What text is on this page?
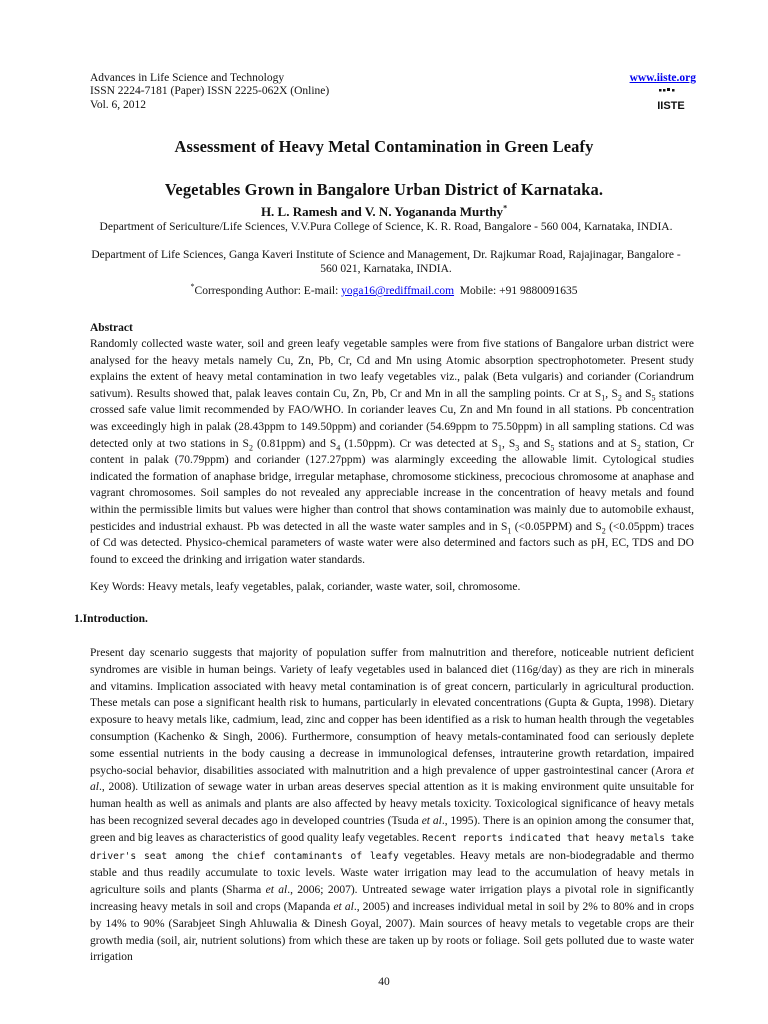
Advances in Life Science and Technology
ISSN 2224-7181 (Paper) ISSN 2225-062X (Online)
Vol. 6, 2012
www.iiste.org
IISTE
Assessment of Heavy Metal Contamination in Green Leafy
Vegetables Grown in Bangalore Urban District of Karnataka.
H. L. Ramesh and V. N. Yogananda Murthy*
Department of Sericulture/Life Sciences, V.V.Pura College of Science, K. R. Road, Bangalore - 560 004, Karnataka, INDIA.
Department of Life Sciences, Ganga Kaveri Institute of Science and Management, Dr. Rajkumar Road, Rajajinagar, Bangalore - 560 021, Karnataka, INDIA.
*Corresponding Author: E-mail: yoga16@rediffmail.com Mobile: +91 9880091635
Abstract

Randomly collected waste water, soil and green leafy vegetable samples were from five stations of Bangalore urban district were analysed for the heavy metals namely Cu, Zn, Pb, Cr, Cd and Mn using Atomic absorption spectrophotometer. Present study explains the extent of heavy metal contamination in two leafy vegetables viz., palak (Beta vulgaris) and coriander (Coriandrum sativum). Results showed that, palak leaves contain Cu, Zn, Pb, Cr and Mn in all the sampling points. Cr at $S_1$, $S_2$ and $S_5$ stations crossed safe value limit recommended by FAO/WHO. In coriander leaves Cu, Zn and Mn found in all stations. Pb concentration was exceedingly high in palak (28.43ppm to 149.50ppm) and coriander (54.69ppm to 75.50ppm) in all sampling stations. Cd was detected only at two stations in $S_2$ (0.81ppm) and $S_4$ (1.50ppm). Cr was detected at $S_1$, $S_3$ and $S_5$ stations and at $S_2$ station, Cr content in palak (70.79ppm) and coriander (127.27ppm) was alarmingly exceeding the allowable limit. Cytological studies indicated the formation of anaphase bridge, irregular metaphase, chromosome stickiness, precocious chromosome at anaphase and vagrant chromosomes. Soil samples do not revealed any appreciable increase in the concentration of heavy metals and found within the permissible limits but values were higher than control that shows contamination was mainly due to automobile exhaust, pesticides and industrial exhaust. Pb was detected in all the waste water samples and in $S_1$ (<0.05PPM) and $S_2$ (<0.05ppm) traces of Cd was detected. Physico-chemical parameters of waste water were also determined and factors such as pH, EC, TDS and DO found to exceed the drinking and irrigation water standards.

Key Words: Heavy metals, leafy vegetables, palak, coriander, waste water, soil, chromosome.
1.Introduction.

Present day scenario suggests that majority of population suffer from malnutrition and therefore, noticeable nutrient deficient syndromes are visible in human beings. Variety of leafy vegetables used in balanced diet (116g/day) as they are rich in minerals and vitamins. Implication associated with heavy metal contamination is of great concern, particularly in agricultural production. These metals can pose a significant health risk to humans, particularly in elevated concentrations (Gupta & Gupta, 1998). Dietary exposure to heavy metals like, cadmium, lead, zinc and copper has been identified as a risk to human health through the vegetables consumption (Kachenko & Singh, 2006). Furthermore, consumption of heavy metals-contaminated food can seriously deplete some essential nutrients in the body causing a decrease in immunological defenses, intrauterine growth retardation, impaired psycho-social behavior, disabilities associated with malnutrition and a high prevalence of upper gastrointestinal cancer (Arora et al., 2008). Utilization of sewage water in urban areas deserves special attention as it is making environment quite unsuitable for human health as well as animals and plants are also affected by heavy metals toxicity. Toxicological significance of heavy metals has been recognized several decades ago in developed countries (Tsuda et al., 1995). There is an opinion among the consumer that, green and big leaves as characteristics of good quality leafy vegetables. Recent reports indicated that heavy metals take driver's seat among the chief contaminants of leafy vegetables. Heavy metals are non-biodegradable and thermo stable and thus readily accumulate to toxic levels. Waste water irrigation may lead to the accumulation of heavy metals in agriculture soils and plants (Sharma et al., 2006; 2007). Untreated sewage water irrigation plays a pivotal role in significantly increasing heavy metals in soil and crops (Mapanda et al., 2005) and increases individual metal in soil by 2% to 80% and in crops by 14% to 90% (Sarabjeet Singh Ahluwalia & Dinesh Goyal, 2007). Main sources of heavy metals to vegetable crops are their growth media (soil, air, nutrient solutions) from which these are taken up by roots or foliage. Soil gets polluted due to waste water irrigation

40
